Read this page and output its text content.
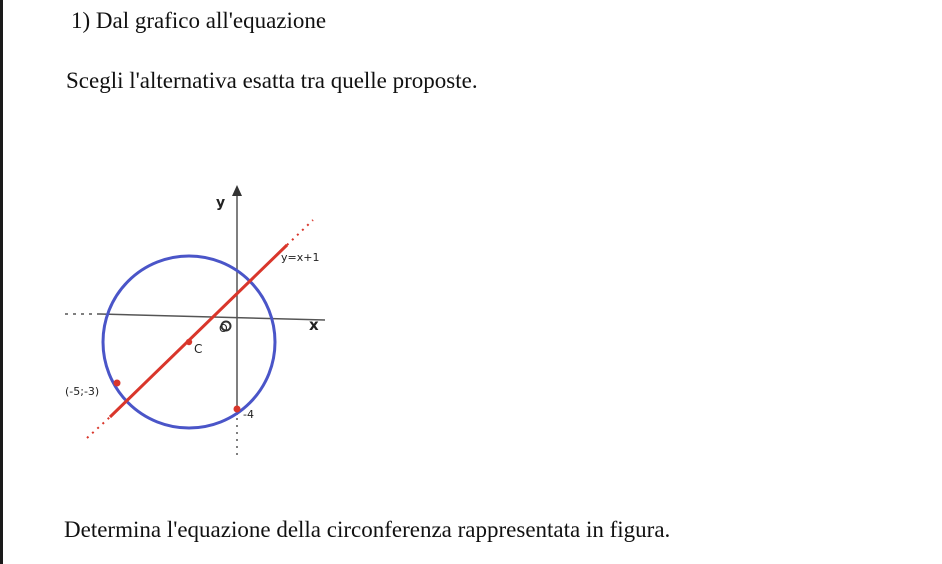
1) Dal grafico all'equazione
Scegli l'alternativa esatta tra quelle proposte.
y
x
O
C
y=x+1
(-5;-3)
-4
Determina l'equazione della circonferenza rappresentata in figura.
